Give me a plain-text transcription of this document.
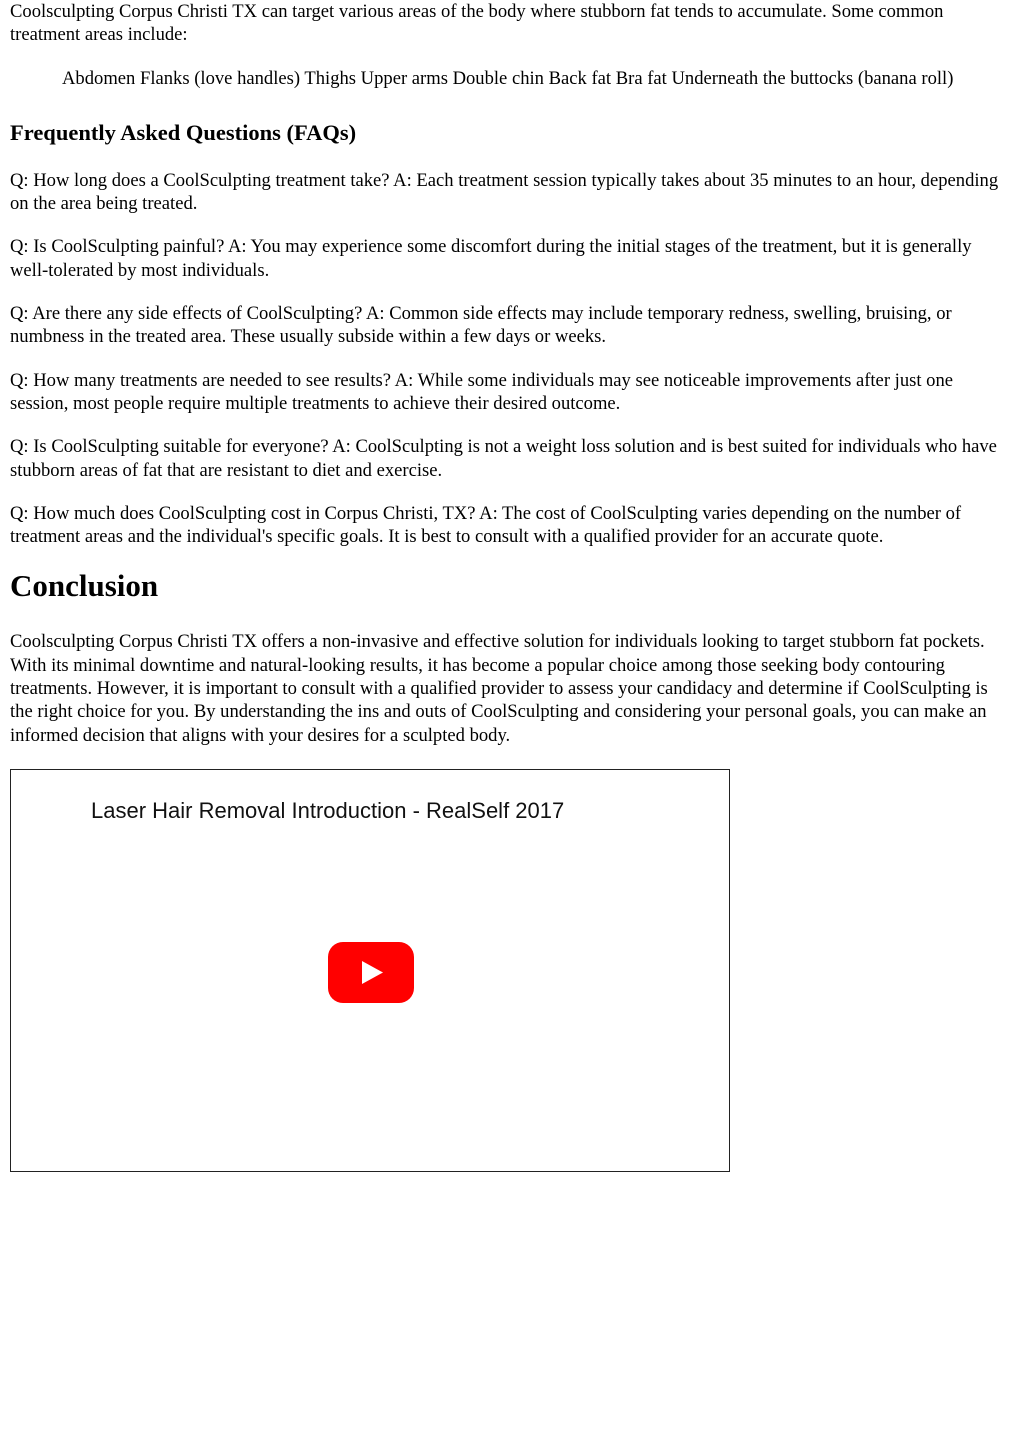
Coolsculpting Corpus Christi TX can target various areas of the body where stubborn fat tends to accumulate. Some common treatment areas include:

Abdomen Flanks (love handles) Thighs Upper arms Double chin Back fat Bra fat Underneath the buttocks (banana roll)

Frequently Asked Questions (FAQs)

Q: How long does a CoolSculpting treatment take? A: Each treatment session typically takes about 35 minutes to an hour, depending on the area being treated.

Q: Is CoolSculpting painful? A: You may experience some discomfort during the initial stages of the treatment, but it is generally well-tolerated by most individuals.

Q: Are there any side effects of CoolSculpting? A: Common side effects may include temporary redness, swelling, bruising, or numbness in the treated area. These usually subside within a few days or weeks.

Q: How many treatments are needed to see results? A: While some individuals may see noticeable improvements after just one session, most people require multiple treatments to achieve their desired outcome.

Q: Is CoolSculpting suitable for everyone? A: CoolSculpting is not a weight loss solution and is best suited for individuals who have stubborn areas of fat that are resistant to diet and exercise.

Q: How much does CoolSculpting cost in Corpus Christi, TX? A: The cost of CoolSculpting varies depending on the number of treatment areas and the individual's specific goals. It is best to consult with a qualified provider for an accurate quote.

Conclusion

Coolsculpting Corpus Christi TX offers a non-invasive and effective solution for individuals looking to target stubborn fat pockets. With its minimal downtime and natural-looking results, it has become a popular choice among those seeking body contouring treatments. However, it is important to consult with a qualified provider to assess your candidacy and determine if CoolSculpting is the right choice for you. By understanding the ins and outs of CoolSculpting and considering your personal goals, you can make an informed decision that aligns with your desires for a sculpted body.

Laser Hair Removal Introduction - RealSelf 2017
